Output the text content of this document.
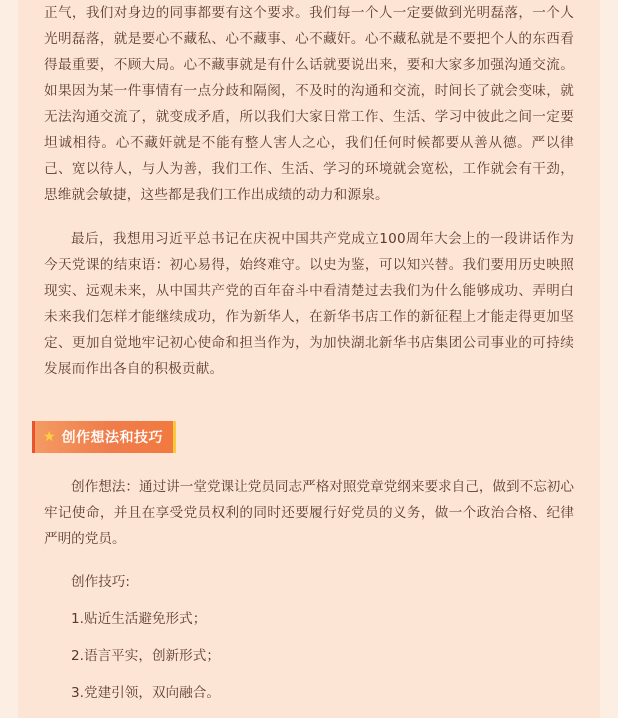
正气，我们对身边的同事都要有这个要求。我们每一个人一定要做到光明磊落，一个人光明磊落，就是要心不藏私、心不藏事、心不藏奸。心不藏私就是不要把个人的东西看得最重要，不顾大局。心不藏事就是有什么话就要说出来，要和大家多加强沟通交流。如果因为某一件事情有一点分歧和隔阂，不及时的沟通和交流，时间长了就会变味，就无法沟通交流了，就变成矛盾，所以我们大家日常工作、生活、学习中彼此之间一定要坦诚相待。心不藏奸就是不能有整人害人之心，我们任何时候都要从善从德。严以律己、宽以待人，与人为善，我们工作、生活、学习的环境就会宽松，工作就会有干劲，思维就会敏捷，这些都是我们工作出成绩的动力和源泉。

最后，我想用习近平总书记在庆祝中国共产党成立100周年大会上的一段讲话作为今天党课的结束语：初心易得，始终难守。以史为鉴，可以知兴替。我们要用历史映照现实、远观未来，从中国共产党的百年奋斗中看清楚过去我们为什么能够成功、弄明白未来我们怎样才能继续成功，作为新华人，在新华书店工作的新征程上才能走得更加坚定、更加自觉地牢记初心使命和担当作为，为加快湖北新华书店集团公司事业的可持续发展而作出各自的积极贡献。

★ 创作想法和技巧

创作想法：通过讲一堂党课让党员同志严格对照党章党纲来要求自己，做到不忘初心牢记使命，并且在享受党员权利的同时还要履行好党员的义务，做一个政治合格、纪律严明的党员。

创作技巧:
1.贴近生活避免形式；
2.语言平实，创新形式；
3.党建引领，双向融合。
